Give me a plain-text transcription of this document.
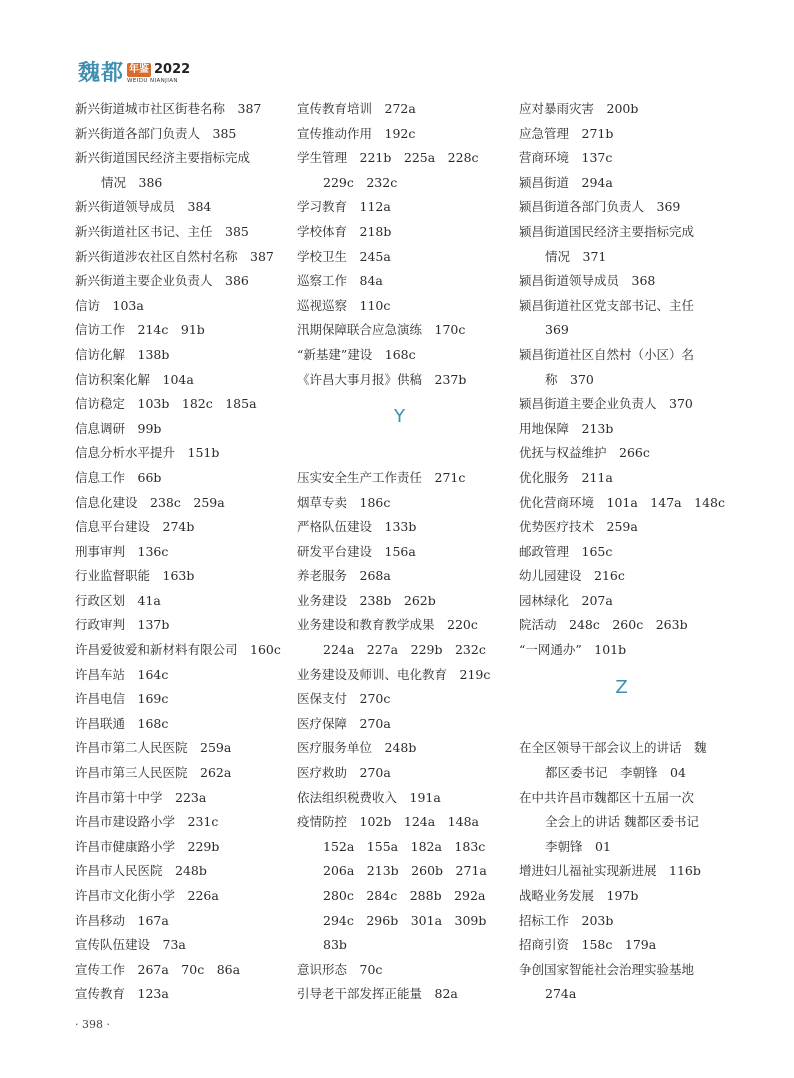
魏都 年鉴 2022
WEIDU NIANJIAN
新兴街道城市社区街巷名称　387
新兴街道各部门负责人　385
新兴街道国民经济主要指标完成
情况　386
新兴街道领导成员　384
新兴街道社区书记、主任　385
新兴街道涉农社区自然村名称　387
新兴街道主要企业负责人　386
信访　103a
信访工作　214c　91b
信访化解　138b
信访积案化解　104a
信访稳定　103b　182c　185a
信息调研　99b
信息分析水平提升　151b
信息工作　66b
信息化建设　238c　259a
信息平台建设　274b
刑事审判　136c
行业监督职能　163b
行政区划　41a
行政审判　137b
许昌爱彼爱和新材料有限公司　160c
许昌车站　164c
许昌电信　169c
许昌联通　168c
许昌市第二人民医院　259a
许昌市第三人民医院　262a
许昌市第十中学　223a
许昌市建设路小学　231c
许昌市健康路小学　229b
许昌市人民医院　248b
许昌市文化街小学　226a
许昌移动　167a
宣传队伍建设　73a
宣传工作　267a　70c　86a
宣传教育　123a
宣传教育培训　272a
宣传推动作用　192c
学生管理　221b　225a　228c
229c　232c
学习教育　112a
学校体育　218b
学校卫生　245a
巡察工作　84a
巡视巡察　110c
汛期保障联合应急演练　170c
“新基建”建设　168c
《许昌大事月报》供稿　237b
Y
压实安全生产工作责任　271c
烟草专卖　186c
严格队伍建设　133b
研发平台建设　156a
养老服务　268a
业务建设　238b　262b
业务建设和教育教学成果　220c
224a　227a　229b　232c
业务建设及师训、电化教育　219c
医保支付　270c
医疗保障　270a
医疗服务单位　248b
医疗救助　270a
依法组织税费收入　191a
疫情防控　102b　124a　148a
152a　155a　182a　183c
206a　213b　260b　271a
280c　284c　288b　292a
294c　296b　301a　309b
83b
意识形态　70c
引导老干部发挥正能量　82a
应对暴雨灾害　200b
应急管理　271b
营商环境　137c
颍昌街道　294a
颍昌街道各部门负责人　369
颍昌街道国民经济主要指标完成
情况　371
颍昌街道领导成员　368
颍昌街道社区党支部书记、主任
369
颍昌街道社区自然村（小区）名
称　370
颍昌街道主要企业负责人　370
用地保障　213b
优抚与权益维护　266c
优化服务　211a
优化营商环境　101a　147a　148c
优势医疗技术　259a
邮政管理　165c
幼儿园建设　216c
园林绿化　207a
院活动　248c　260c　263b
“一网通办”　101b
Z
在全区领导干部会议上的讲话　魏
都区委书记　李朝锋　04
在中共许昌市魏都区十五届一次
全会上的讲话 魏都区委书记
李朝锋　01
增进妇儿福祉实现新进展　116b
战略业务发展　197b
招标工作　203b
招商引资　158c　179a
争创国家智能社会治理实验基地
274a
· 398 ·
